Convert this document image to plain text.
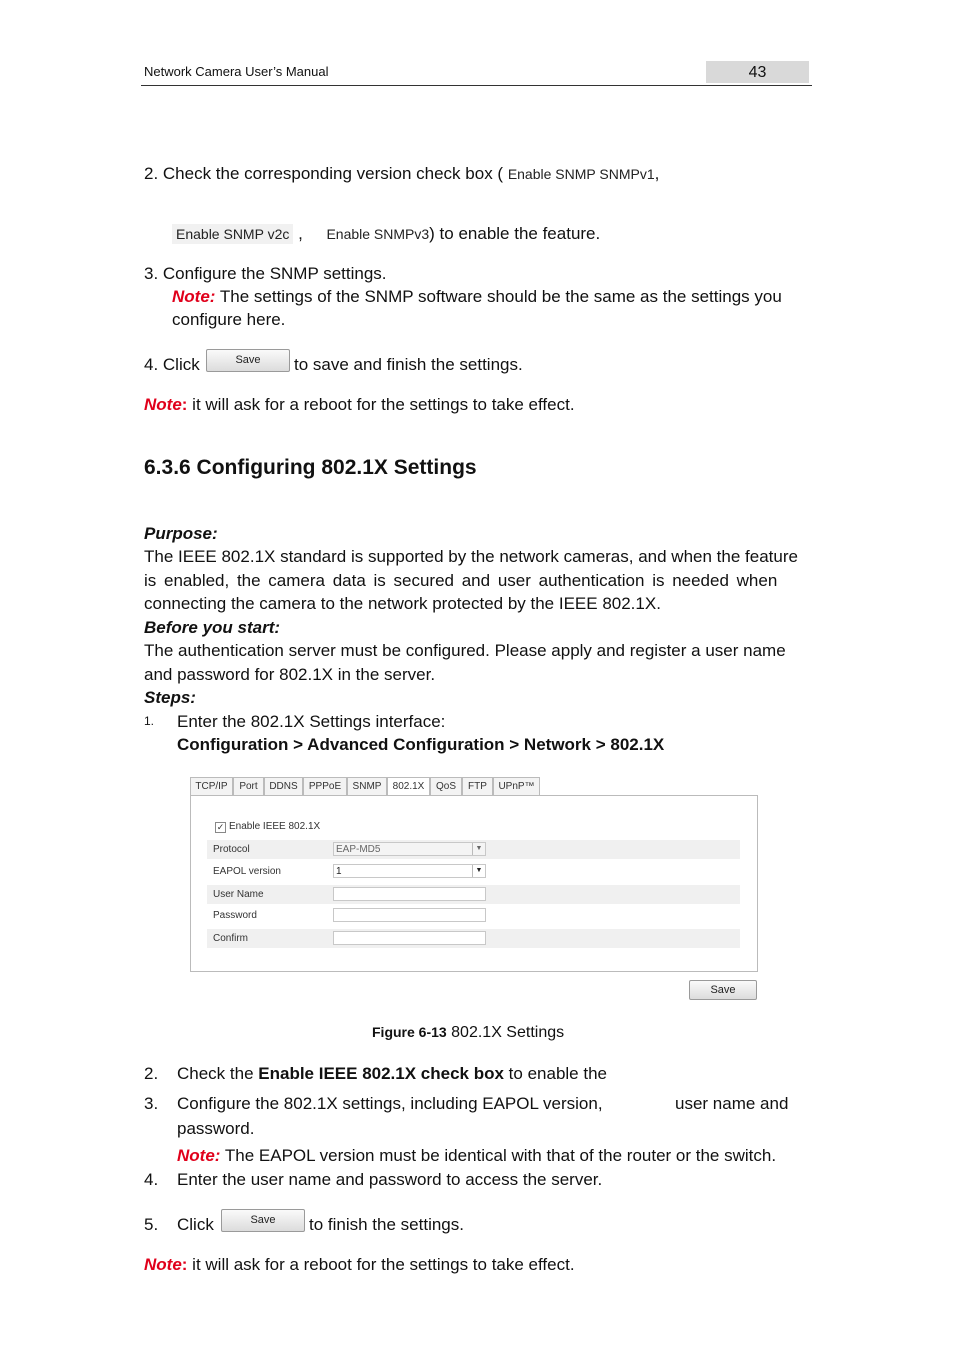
Network Camera User’s Manual	43
2. Check the corresponding version check box ( Enable SNMP SNMPv1,
Enable SNMP v2c , Enable SNMPv3) to enable the feature.
3. Configure the SNMP settings.
Note: The settings of the SNMP software should be the same as the settings you
configure here.
4. Click	Save	to save and finish the settings.
Note: it will ask for a reboot for the settings to take effect.
6.3.6 Configuring 802.1X Settings
Purpose:
The IEEE 802.1X standard is supported by the network cameras, and when the feature
is enabled, the camera data is secured and user authentication is needed when
connecting the camera to the network protected by the IEEE 802.1X.
Before you start:
The authentication server must be configured. Please apply and register a user name
and password for 802.1X in the server.
Steps:
1. Enter the 802.1X Settings interface:
Configuration > Advanced Configuration > Network > 802.1X
TCP/IP	Port	DDNS	PPPoE	SNMP	802.1X	QoS	FTP	UPnP™
✓ Enable IEEE 802.1X
Protocol	EAP-MD5	▼
EAPOL version	1	▼
User Name
Password
Confirm
Save
Figure 6-13 802.1X Settings
2. Check the Enable IEEE 802.1X check box to enable the
3. Configure the 802.1X settings, including EAPOL version,	user name and
password.
Note: The EAPOL version must be identical with that of the router or the switch.
4. Enter the user name and password to access the server.
5. Click	Save	to finish the settings.
Note: it will ask for a reboot for the settings to take effect.
